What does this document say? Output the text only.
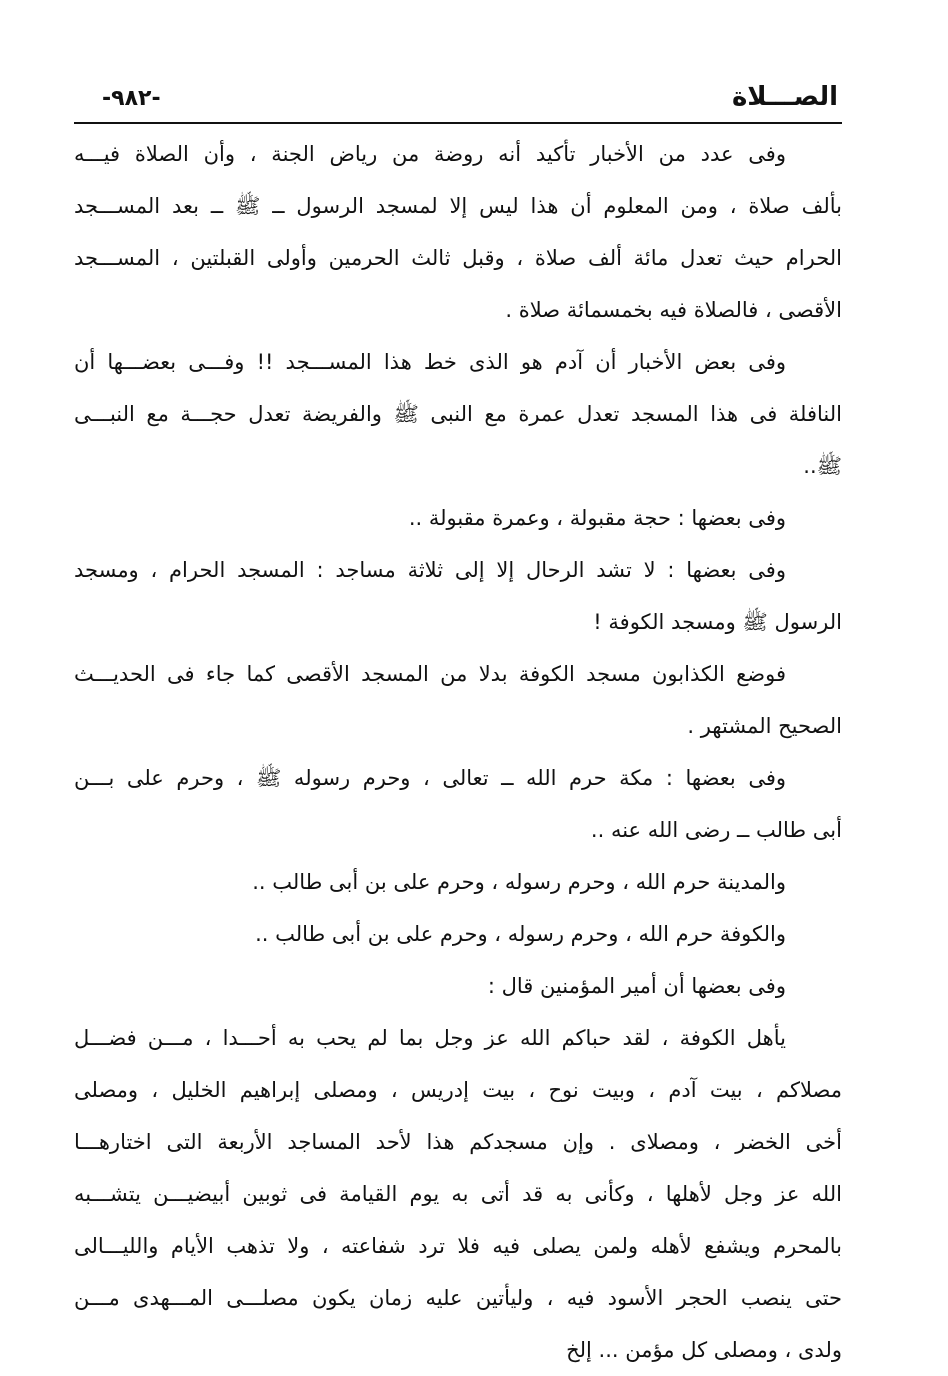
الصـــلاة
-٩٨٢-
وفى عدد من الأخبار تأكيد أنه روضة من رياض الجنة ، وأن الصلاة فيـــه
بألف صلاة ، ومن المعلوم أن هذا ليس إلا لمسجد الرسول ــ ﷺ ــ بعد المســـجد
الحرام حيث تعدل مائة ألف صلاة ، وقبل ثالث الحرمين وأولى القبلتين ، المســـجد
الأقصى ، فالصلاة فيه بخمسمائة صلاة .
وفى بعض الأخبار أن آدم هو الذى خط هذا المســـجد !! وفـــى بعضـــها أن
النافلة فى هذا المسجد تعدل عمرة مع النبى ﷺ والفريضة تعدل حجـــة مع النبـــى
ﷺ..
وفى بعضها : حجة مقبولة ، وعمرة مقبولة ..
وفى بعضها : لا تشد الرحال إلا إلى ثلاثة مساجد : المسجد الحرام ، ومسجد
الرسول ﷺ ومسجد الكوفة !
فوضع الكذابون مسجد الكوفة بدلا من المسجد الأقصى كما جاء فى الحديـــث
الصحيح المشتهر .
وفى بعضها : مكة حرم الله ــ تعالى ، وحرم رسوله ﷺ ، وحرم على بـــن
أبى طالب ــ رضى الله عنه ..
والمدينة حرم الله ، وحرم رسوله ، وحرم على بن أبى طالب ..
والكوفة حرم الله ، وحرم رسوله ، وحرم على بن أبى طالب ..
وفى بعضها أن أمير المؤمنين قال :
يأهل الكوفة ، لقد حباكم الله عز وجل بما لم يحب به أحـــدا ، مـــن فضـــل
مصلاكم ، بيت آدم ، وبيت نوح ، بيت إدريس ، ومصلى إبراهيم الخليل ، ومصلى
أخى الخضر ، ومصلاى . وإن مسجدكم هذا لأحد المساجد الأربعة التى اختارهـــا
الله عز وجل لأهلها ، وكأنى به قد أتى به يوم القيامة فى ثوبين أبيضيـــن يتشـــبه
بالمحرم ويشفع لأهله ولمن يصلى فيه فلا ترد شفاعته ، ولا تذهب الأيام والليـــالى
حتى ينصب الحجر الأسود فيه ، وليأتين عليه زمان يكون مصلـــى المـــهدى مـــن
ولدى ، ومصلى كل مؤمن ... إلخ
